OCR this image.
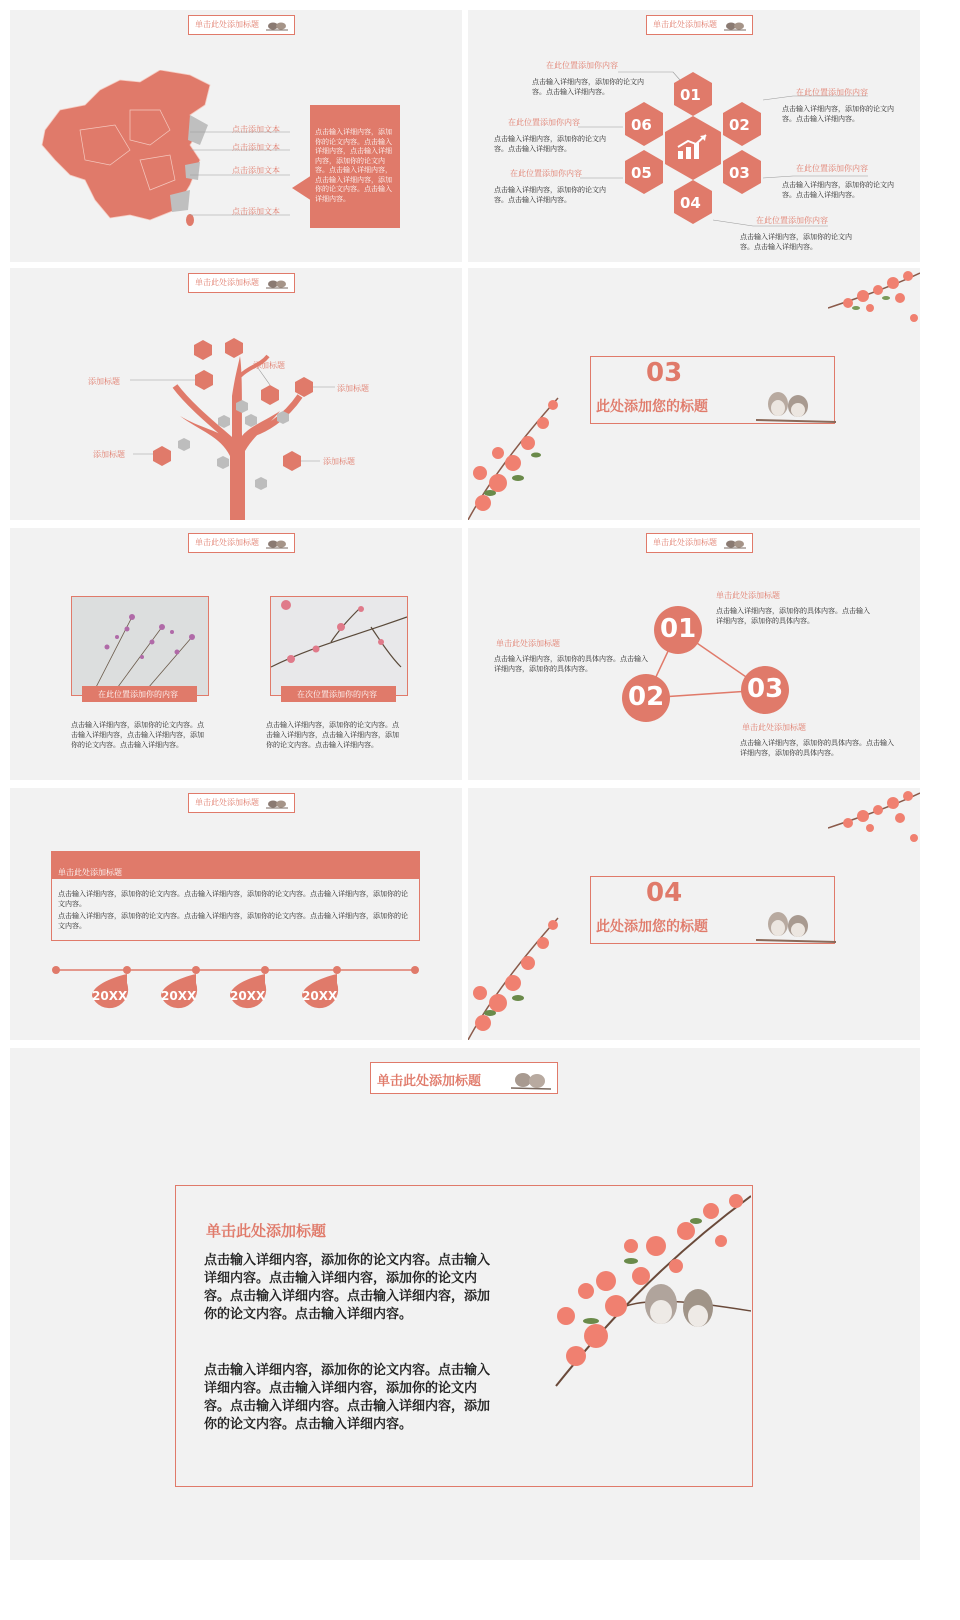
单击此处添加标题
点击添加文本
点击添加文本
点击添加文本
点击添加文本
点击输入详细内容，添加你的论文内容。点击输入详细内容，点击输入详细内容，添加你的论文内容。点击输入详细内容，点击输入详细内容，添加你的论文内容。点击输入详细内容。
单击此处添加标题
01
02
03
04
05
06
在此位置添加你内容
点击输入详细内容，添加你的论文内容。点击输入详细内容。
在此位置添加你内容
点击输入详细内容，添加你的论文内容。点击输入详细内容。
在此位置添加你内容
点击输入详细内容，添加你的论文内容。点击输入详细内容。
在此位置添加你内容
点击输入详细内容，添加你的论文内容。点击输入详细内容。
在此位置添加你内容
点击输入详细内容，添加你的论文内容。点击输入详细内容。
在此位置添加你内容
点击输入详细内容，添加你的论文内容。点击输入详细内容。
单击此处添加标题
添加标题
添加标题
添加标题
添加标题
添加标题
03
此处添加您的标题
单击此处添加标题
在此位置添加你的内容	在次位置添加你的内容
点击输入详细内容，添加你的论文内容。点击输入详细内容，点击输入详细内容，添加你的论文内容。点击输入详细内容。
点击输入详细内容，添加你的论文内容。点击输入详细内容，点击输入详细内容，添加你的论文内容。点击输入详细内容。
单击此处添加标题
01
02	03
单击此处添加标题
点击输入详细内容，添加你的具体内容。点击输入详细内容，添加你的具体内容。
单击此处添加标题
点击输入详细内容，添加你的具体内容。点击输入详细内容，添加你的具体内容。
单击此处添加标题
点击输入详细内容，添加你的具体内容。点击输入详细内容，添加你的具体内容。
单击此处添加标题
单击此处添加标题
点击输入详细内容，添加你的论文内容。点击输入详细内容，添加你的论文内容。点击输入详细内容，添加你的论文内容。
点击输入详细内容，添加你的论文内容。点击输入详细内容，添加你的论文内容。点击输入详细内容，添加你的论文内容。
20XX	20XX	20XX	20XX
04
此处添加您的标题
单击此处添加标题
单击此处添加标题
点击输入详细内容，添加你的论文内容。点击输入详细内容。点击输入详细内容，添加你的论文内容。点击输入详细内容。点击输入详细内容，添加你的论文内容。点击输入详细内容。
点击输入详细内容，添加你的论文内容。点击输入详细内容。点击输入详细内容，添加你的论文内容。点击输入详细内容。点击输入详细内容，添加你的论文内容。点击输入详细内容。
